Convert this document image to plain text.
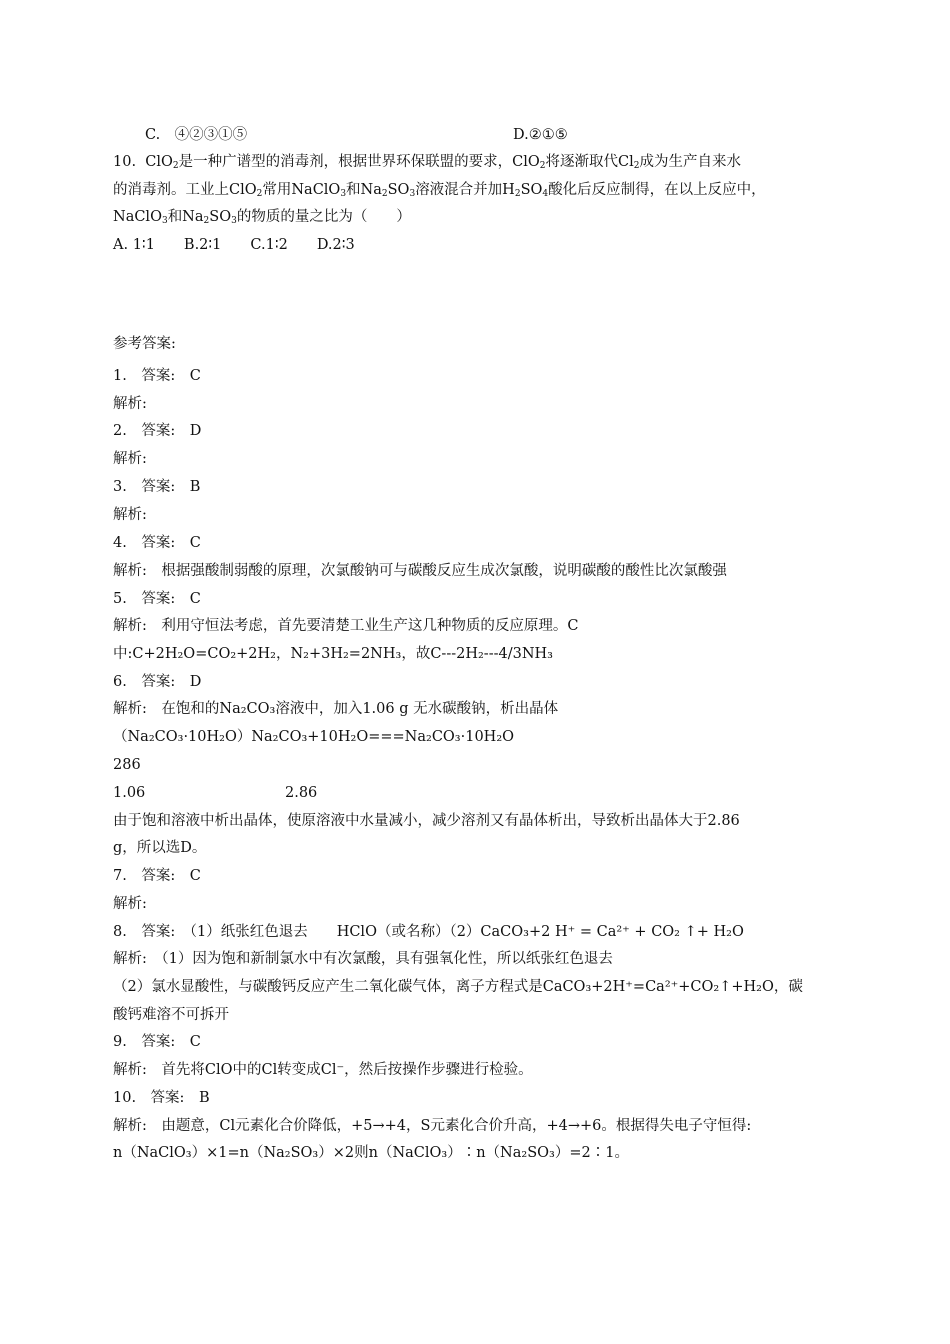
C.　④②③①⑤	D.②①⑤
10. ClO$_2$是一种广谱型的消毒剂，根据世界环保联盟的要求，ClO$_2$将逐渐取代$Cl_2$成为生产自来水
的消毒剂。工业上ClO$_2$常用NaClO$_3$和$Na_2SO_3$溶液混合并加$H_2SO_4$酸化后反应制得，在以上反应中，
NaClO$_3$和$Na_2SO_3$的物质的量之比为（　　）
A. 1∶1　　B.2∶1　　C.1∶2　　D.2∶3
参考答案:
1.　答案:　C
解析:
2.　答案:　D
解析:
3.　答案:　B
解析:
4.　答案:　C
解析:　根据强酸制弱酸的原理，次氯酸钠可与碳酸反应生成次氯酸，说明碳酸的酸性比次氯酸强
5.　答案:　C
解析:　利用守恒法考虑，首先要清楚工业生产这几种物质的反应原理。C
中:C+2H₂O=CO₂+2H₂，N₂+3H₂=2NH₃，故C---2H₂---4/3NH₃
6.　答案:　D
解析:　在饱和的Na₂CO₃溶液中，加入1.06 g 无水碳酸钠，析出晶体
（Na₂CO₃·10H₂O）Na₂CO₃+10H₂O===Na₂CO₃·10H₂O
286
1.06	2.86
由于饱和溶液中析出晶体，使原溶液中水量减小，减少溶剂又有晶体析出，导致析出晶体大于2.86
g，所以选D。
7.　答案:　C
解析:
8.　答案:　（1）纸张红色退去　　HClO（或名称）（2）CaCO₃+2 H⁺ = Ca²⁺ + CO₂ ↑+ H₂O
解析:　（1）因为饱和新制氯水中有次氯酸，具有强氧化性，所以纸张红色退去
（2）氯水显酸性，与碳酸钙反应产生二氧化碳气体，离子方程式是CaCO₃+2H⁺=Ca²⁺+CO₂↑+H₂O，碳
酸钙难溶不可拆开
9.　答案:　C
解析:　首先将ClO中的Cl转变成Cl⁻，然后按操作步骤进行检验。
10.　答案:　B
解析:　由题意，Cl元素化合价降低，+5→+4，S元素化合价升高，+4→+6。根据得失电子守恒得:
n（NaClO₃）×1=n（Na₂SO₃）×2则n（NaClO₃）∶n（Na₂SO₃）=2∶1。
